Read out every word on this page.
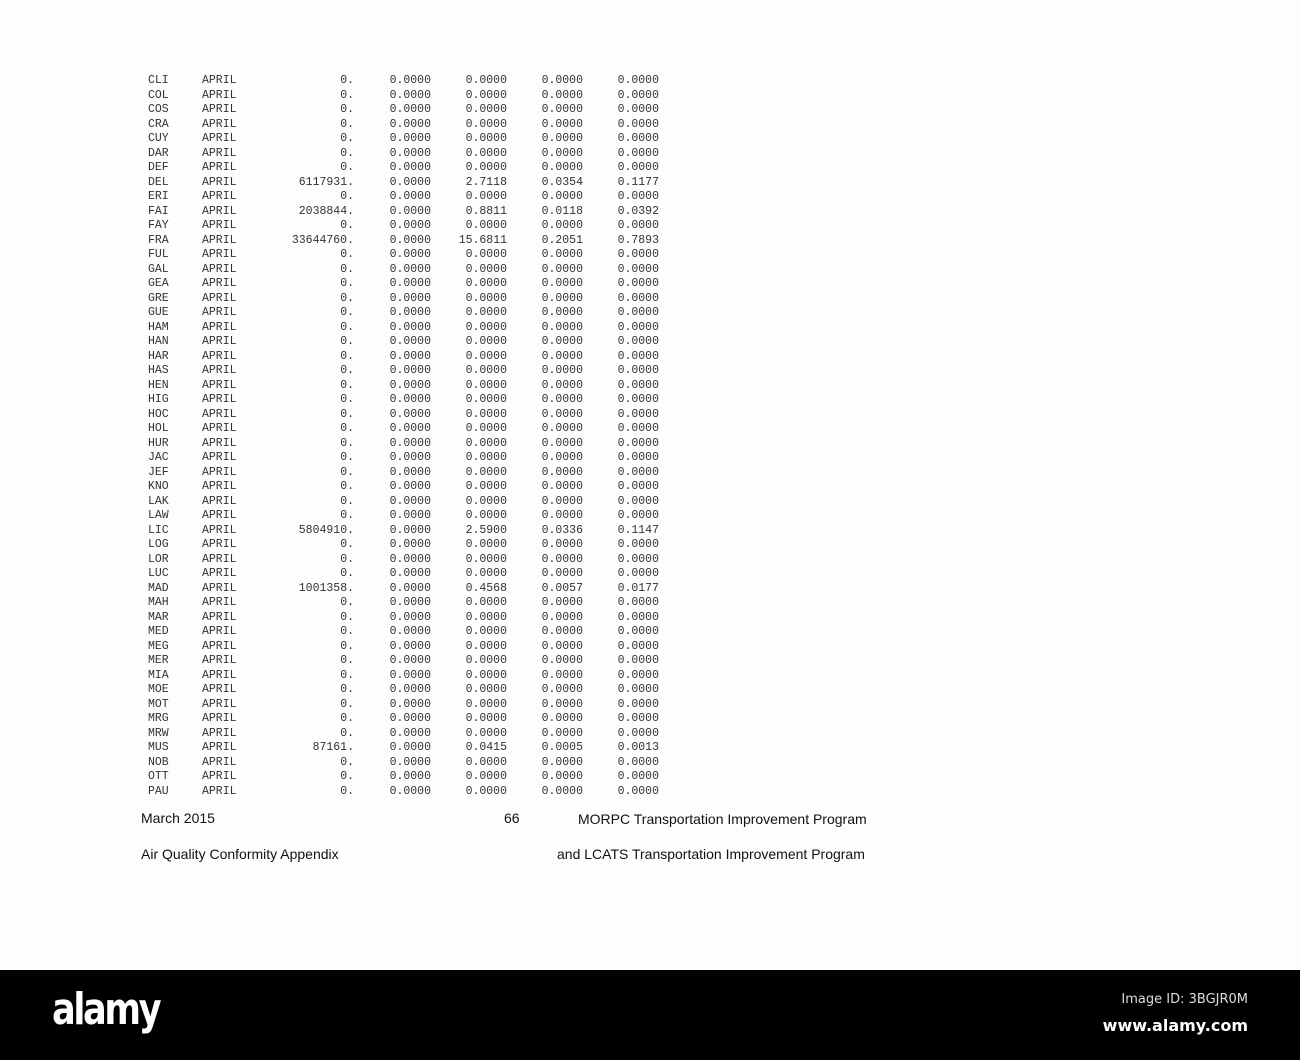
CLI	APRIL	0.	0.0000	0.0000	0.0000	0.0000
COL	APRIL	0.	0.0000	0.0000	0.0000	0.0000
COS	APRIL	0.	0.0000	0.0000	0.0000	0.0000
CRA	APRIL	0.	0.0000	0.0000	0.0000	0.0000
CUY	APRIL	0.	0.0000	0.0000	0.0000	0.0000
DAR	APRIL	0.	0.0000	0.0000	0.0000	0.0000
DEF	APRIL	0.	0.0000	0.0000	0.0000	0.0000
DEL	APRIL	6117931.	0.0000	2.7118	0.0354	0.1177
ERI	APRIL	0.	0.0000	0.0000	0.0000	0.0000
FAI	APRIL	2038844.	0.0000	0.8811	0.0118	0.0392
FAY	APRIL	0.	0.0000	0.0000	0.0000	0.0000
FRA	APRIL	33644760.	0.0000 15.6811	0.2051	0.7893
FUL	APRIL	0.	0.0000	0.0000	0.0000	0.0000
GAL	APRIL	0.	0.0000	0.0000	0.0000	0.0000
GEA	APRIL	0.	0.0000	0.0000	0.0000	0.0000
GRE	APRIL	0.	0.0000	0.0000	0.0000	0.0000
GUE	APRIL	0.	0.0000	0.0000	0.0000	0.0000
HAM	APRIL	0.	0.0000	0.0000	0.0000	0.0000
HAN	APRIL	0.	0.0000	0.0000	0.0000	0.0000
HAR	APRIL	0.	0.0000	0.0000	0.0000	0.0000
HAS	APRIL	0.	0.0000	0.0000	0.0000	0.0000
HEN	APRIL	0.	0.0000	0.0000	0.0000	0.0000
HIG	APRIL	0.	0.0000	0.0000	0.0000	0.0000
HOC	APRIL	0.	0.0000	0.0000	0.0000	0.0000
HOL	APRIL	0.	0.0000	0.0000	0.0000	0.0000
HUR	APRIL	0.	0.0000	0.0000	0.0000	0.0000
JAC	APRIL	0.	0.0000	0.0000	0.0000	0.0000
JEF	APRIL	0.	0.0000	0.0000	0.0000	0.0000
KNO	APRIL	0.	0.0000	0.0000	0.0000	0.0000
LAK	APRIL	0.	0.0000	0.0000	0.0000	0.0000
LAW	APRIL	0.	0.0000	0.0000	0.0000	0.0000
LIC	APRIL	5804910.	0.0000	2.5900	0.0336	0.1147
LOG	APRIL	0.	0.0000	0.0000	0.0000	0.0000
LOR	APRIL	0.	0.0000	0.0000	0.0000	0.0000
LUC	APRIL	0.	0.0000	0.0000	0.0000	0.0000
MAD	APRIL	1001358.	0.0000	0.4568	0.0057	0.0177
MAH	APRIL	0.	0.0000	0.0000	0.0000	0.0000
MAR	APRIL	0.	0.0000	0.0000	0.0000	0.0000
MED	APRIL	0.	0.0000	0.0000	0.0000	0.0000
MEG	APRIL	0.	0.0000	0.0000	0.0000	0.0000
MER	APRIL	0.	0.0000	0.0000	0.0000	0.0000
MIA	APRIL	0.	0.0000	0.0000	0.0000	0.0000
MOE	APRIL	0.	0.0000	0.0000	0.0000	0.0000
MOT	APRIL	0.	0.0000	0.0000	0.0000	0.0000
MRG	APRIL	0.	0.0000	0.0000	0.0000	0.0000
MRW	APRIL	0.	0.0000	0.0000	0.0000	0.0000
MUS	APRIL	87161.	0.0000	0.0415	0.0005	0.0013
NOB	APRIL	0.	0.0000	0.0000	0.0000	0.0000
OTT	APRIL	0.	0.0000	0.0000	0.0000	0.0000
PAU	APRIL	0.	0.0000	0.0000	0.0000	0.0000
March 2015	66	MORPC Transportation Improvement Program
Air Quality Conformity Appendix	and LCATS Transportation Improvement Program
alamy	Image ID: 3BGJR0M
www.alamy.com
